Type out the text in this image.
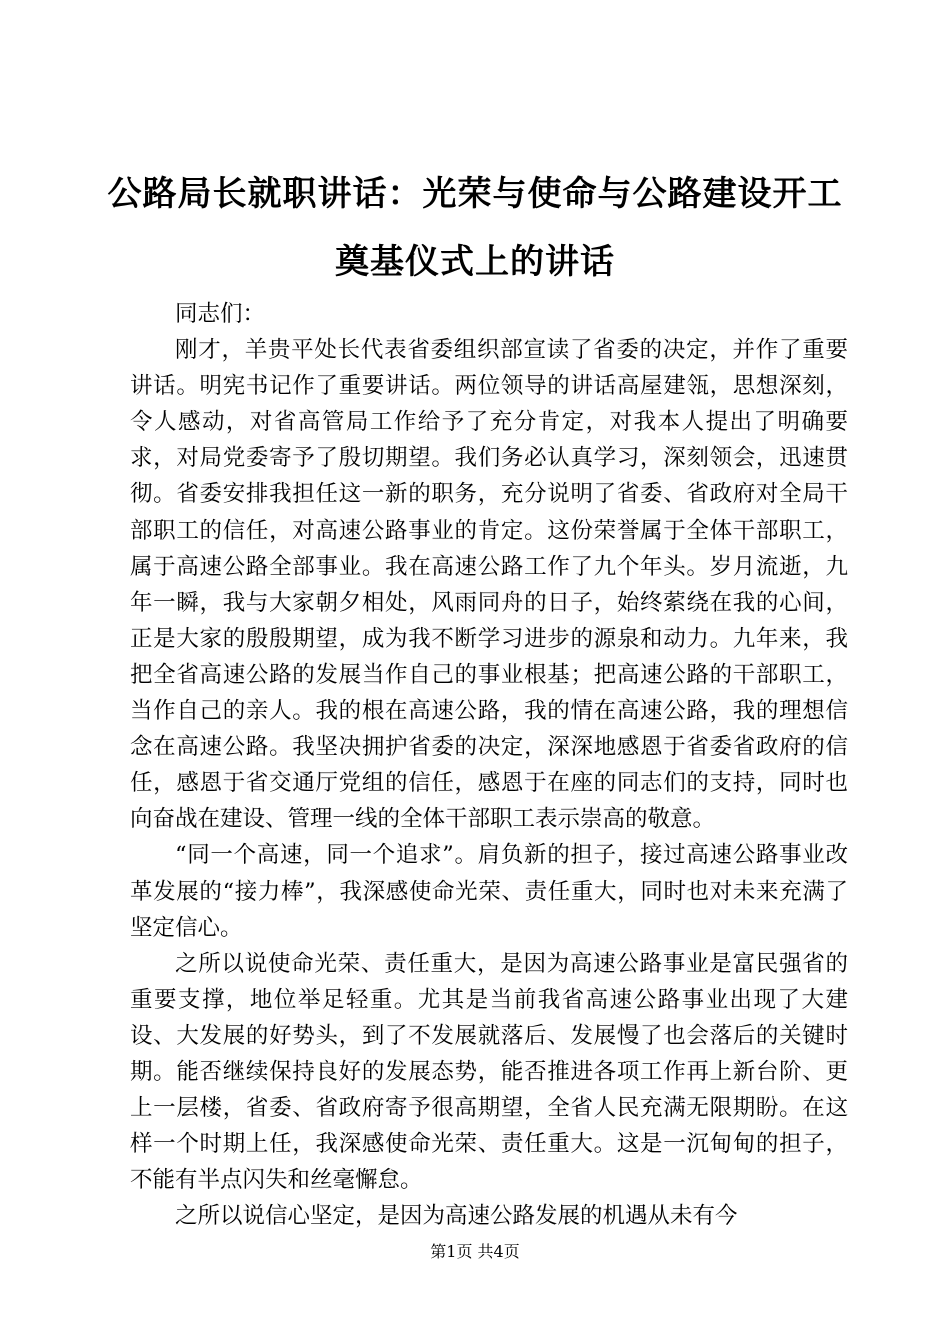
公路局长就职讲话：光荣与使命与公路建设开工奠基仪式上的讲话

同志们：

刚才，羊贵平处长代表省委组织部宣读了省委的决定，并作了重要讲话。明宪书记作了重要讲话。两位领导的讲话高屋建瓴，思想深刻，令人感动，对省高管局工作给予了充分肯定，对我本人提出了明确要求，对局党委寄予了殷切期望。我们务必认真学习，深刻领会，迅速贯彻。省委安排我担任这一新的职务，充分说明了省委、省政府对全局干部职工的信任，对高速公路事业的肯定。这份荣誉属于全体干部职工，属于高速公路全部事业。我在高速公路工作了九个年头。岁月流逝，九年一瞬，我与大家朝夕相处，风雨同舟的日子，始终萦绕在我的心间，正是大家的殷殷期望，成为我不断学习进步的源泉和动力。九年来，我把全省高速公路的发展当作自己的事业根基；把高速公路的干部职工，当作自己的亲人。我的根在高速公路，我的情在高速公路，我的理想信念在高速公路。我坚决拥护省委的决定，深深地感恩于省委省政府的信任，感恩于省交通厅党组的信任，感恩于在座的同志们的支持，同时也向奋战在建设、管理一线的全体干部职工表示崇高的敬意。

“同一个高速，同一个追求”。肩负新的担子，接过高速公路事业改革发展的“接力棒”，我深感使命光荣、责任重大，同时也对未来充满了坚定信心。

之所以说使命光荣、责任重大，是因为高速公路事业是富民强省的重要支撑，地位举足轻重。尤其是当前我省高速公路事业出现了大建设、大发展的好势头，到了不发展就落后、发展慢了也会落后的关键时期。能否继续保持良好的发展态势，能否推进各项工作再上新台阶、更上一层楼，省委、省政府寄予很高期望，全省人民充满无限期盼。在这样一个时期上任，我深感使命光荣、责任重大。这是一沉甸甸的担子，不能有半点闪失和丝毫懈怠。

之所以说信心坚定，是因为高速公路发展的机遇从未有今

第1页 共4页
